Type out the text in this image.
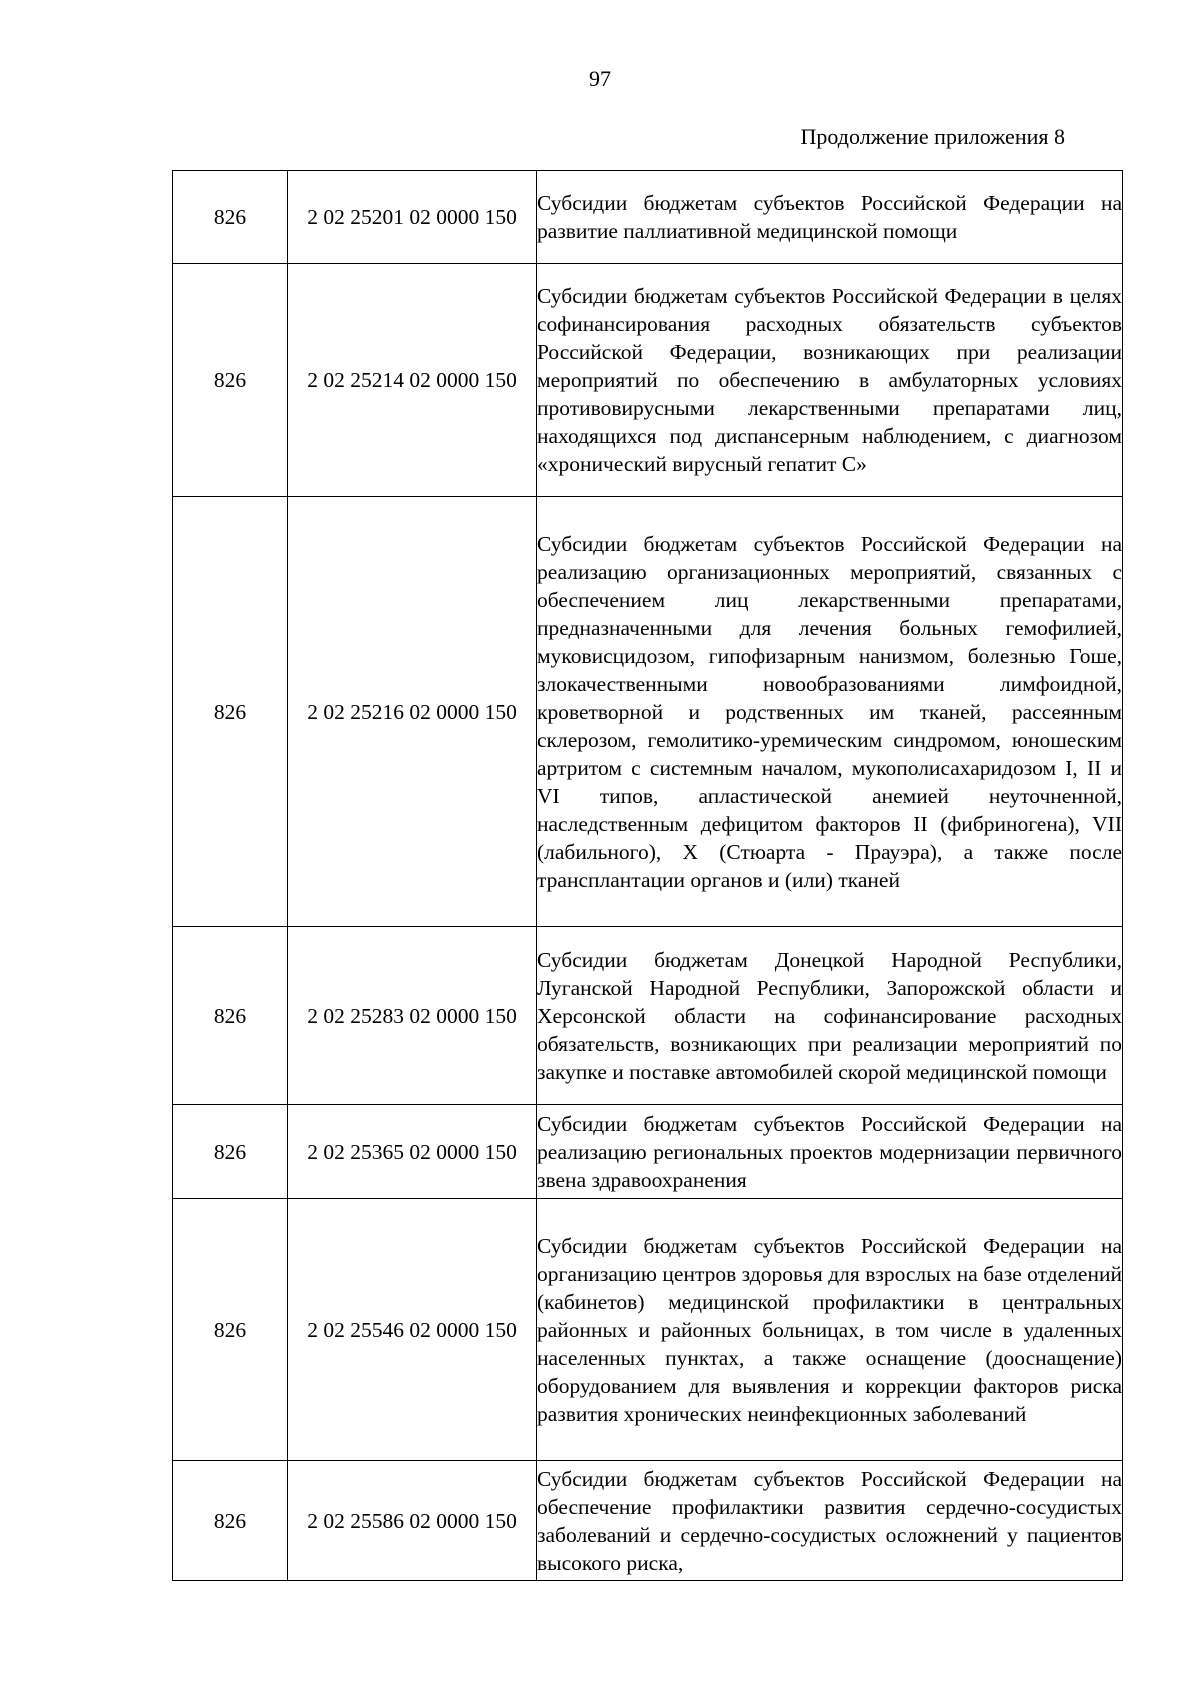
97
Продолжение приложения 8
826	2 02 25201 02 0000 150	Субсидии бюджетам субъектов Российской Федерации на развитие паллиативной медицинской помощи
826	2 02 25214 02 0000 150	Субсидии бюджетам субъектов Российской Федерации в целях софинансирования расходных обязательств субъектов Российской Федерации, возникающих при реализации мероприятий по обеспечению в амбулаторных условиях противовирусными лекарственными препаратами лиц, находящихся под диспансерным наблюдением, с диагнозом «хронический вирусный гепатит С»
826	2 02 25216 02 0000 150	Субсидии бюджетам субъектов Российской Федерации на реализацию организационных мероприятий, связанных с обеспечением лиц лекарственными препаратами, предназначенными для лечения больных гемофилией, муковисцидозом, гипофизарным нанизмом, болезнью Гоше, злокачественными новообразованиями лимфоидной, кроветворной и родственных им тканей, рассеянным склерозом, гемолитико-уремическим синдромом, юношеским артритом с системным началом, мукополисахаридозом I, II и VI типов, апластической анемией неуточненной, наследственным дефицитом факторов II (фибриногена), VII (лабильного), X (Стюарта - Прауэра), а также после трансплантации органов и (или) тканей
826	2 02 25283 02 0000 150	Субсидии бюджетам Донецкой Народной Республики, Луганской Народной Республики, Запорожской области и Херсонской области на софинансирование расходных обязательств, возникающих при реализации мероприятий по закупке и поставке автомобилей скорой медицинской помощи
826	2 02 25365 02 0000 150	Субсидии бюджетам субъектов Российской Федерации на реализацию региональных проектов модернизации первичного звена здравоохранения
826	2 02 25546 02 0000 150	Субсидии бюджетам субъектов Российской Федерации на организацию центров здоровья для взрослых на базе отделений (кабинетов) медицинской профилактики в центральных районных и районных больницах, в том числе в удаленных населенных пунктах, а также оснащение (дооснащение) оборудованием для выявления и коррекции факторов риска развития хронических неинфекционных заболеваний
826	2 02 25586 02 0000 150	Субсидии бюджетам субъектов Российской Федерации на обеспечение профилактики развития сердечно-сосудистых заболеваний и сердечно-сосудистых осложнений у пациентов высокого риска,
